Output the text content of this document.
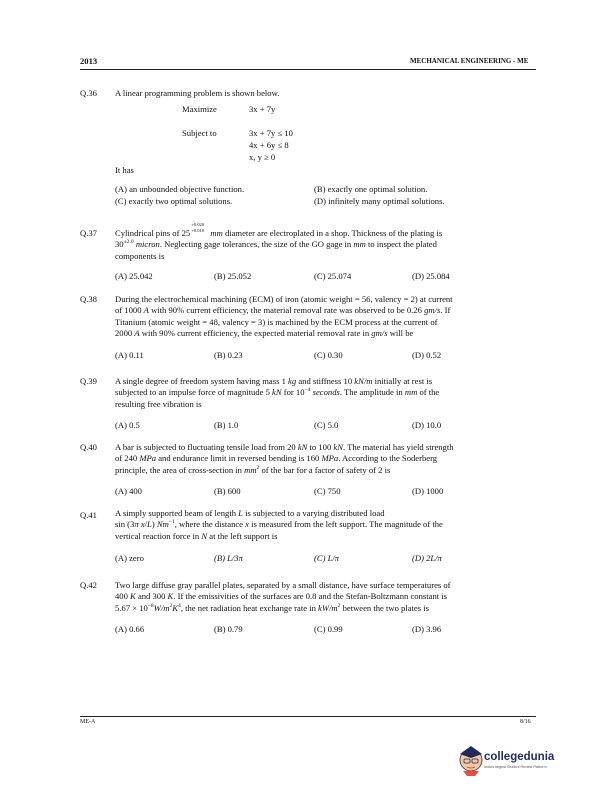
2013	MECHANICAL ENGINEERING - ME
Q.36 A linear programming problem is shown below.
Maximize	3x + 7y
Subject to	3x + 7y ≤ 10
4x + 6y ≤ 8
x, y ≥ 0
It has
(A) an unbounded objective function.	(B) exactly one optimal solution.
(C) exactly two optimal solutions.	(D) infinitely many optimal solutions.
Q.37 Cylindrical pins of 25
+0.020
+0.010 mm diameter are electroplated in a shop. Thickness of the plating is
$30^{\pm 2.0}$ micron. Neglecting gage tolerances, the size of the GO gage in mm to inspect the plated
components is
(A) 25.042	(B) 25.052	(C) 25.074	(D) 25.084
Q.38 During the electrochemical machining (ECM) of iron (atomic weight = 56, valency = 2) at current
of 1000 A with 90% current efficiency, the material removal rate was observed to be 0.26 gm/s. If
Titanium (atomic weight = 48, valency = 3) is machined by the ECM process at the current of
2000 A with 90% current efficiency, the expected material removal rate in gm/s will be
(A) 0.11	(B) 0.23	(C) 0.30	(D) 0.52
Q.39 A single degree of freedom system having mass 1 kg and stiffness 10 kN/m initially at rest is
subjected to an impulse force of magnitude 5 kN for $10^{-4}$ seconds. The amplitude in mm of the
resulting free vibration is
(A) 0.5	(B) 1.0	(C) 5.0	(D) 10.0
Q.40 A bar is subjected to fluctuating tensile load from 20 kN to 100 kN. The material has yield strength
of 240 MPa and endurance limit in reversed bending is 160 MPa. According to the Soderberg
principle, the area of cross-section in $mm^2$ of the bar for a factor of safety of 2 is
(A) 400	(B) 600	(C) 750	(D) 1000
Q.41 A simply supported beam of length L is subjected to a varying distributed load
sin (3π x/L) $Nm^{-1}$, where the distance x is measured from the left support. The magnitude of the
vertical reaction force in N at the left support is
(A) zero	(B) L/3π	(C) L/π	(D) 2L/π
Q.42 Two large diffuse gray parallel plates, separated by a small distance, have surface temperatures of
400 K and 300 K. If the emissivities of the surfaces are 0.8 and the Stefan-Boltzmann constant is
$5.67 \times 10^{-8}W/m^2K^4$, the net radiation heat exchange rate in $kW/m^2$ between the two plates is
(A) 0.66	(B) 0.79	(C) 0.99	(D) 3.96
ME-A	8/16
collegedunia
India's largest Student Review Platform
